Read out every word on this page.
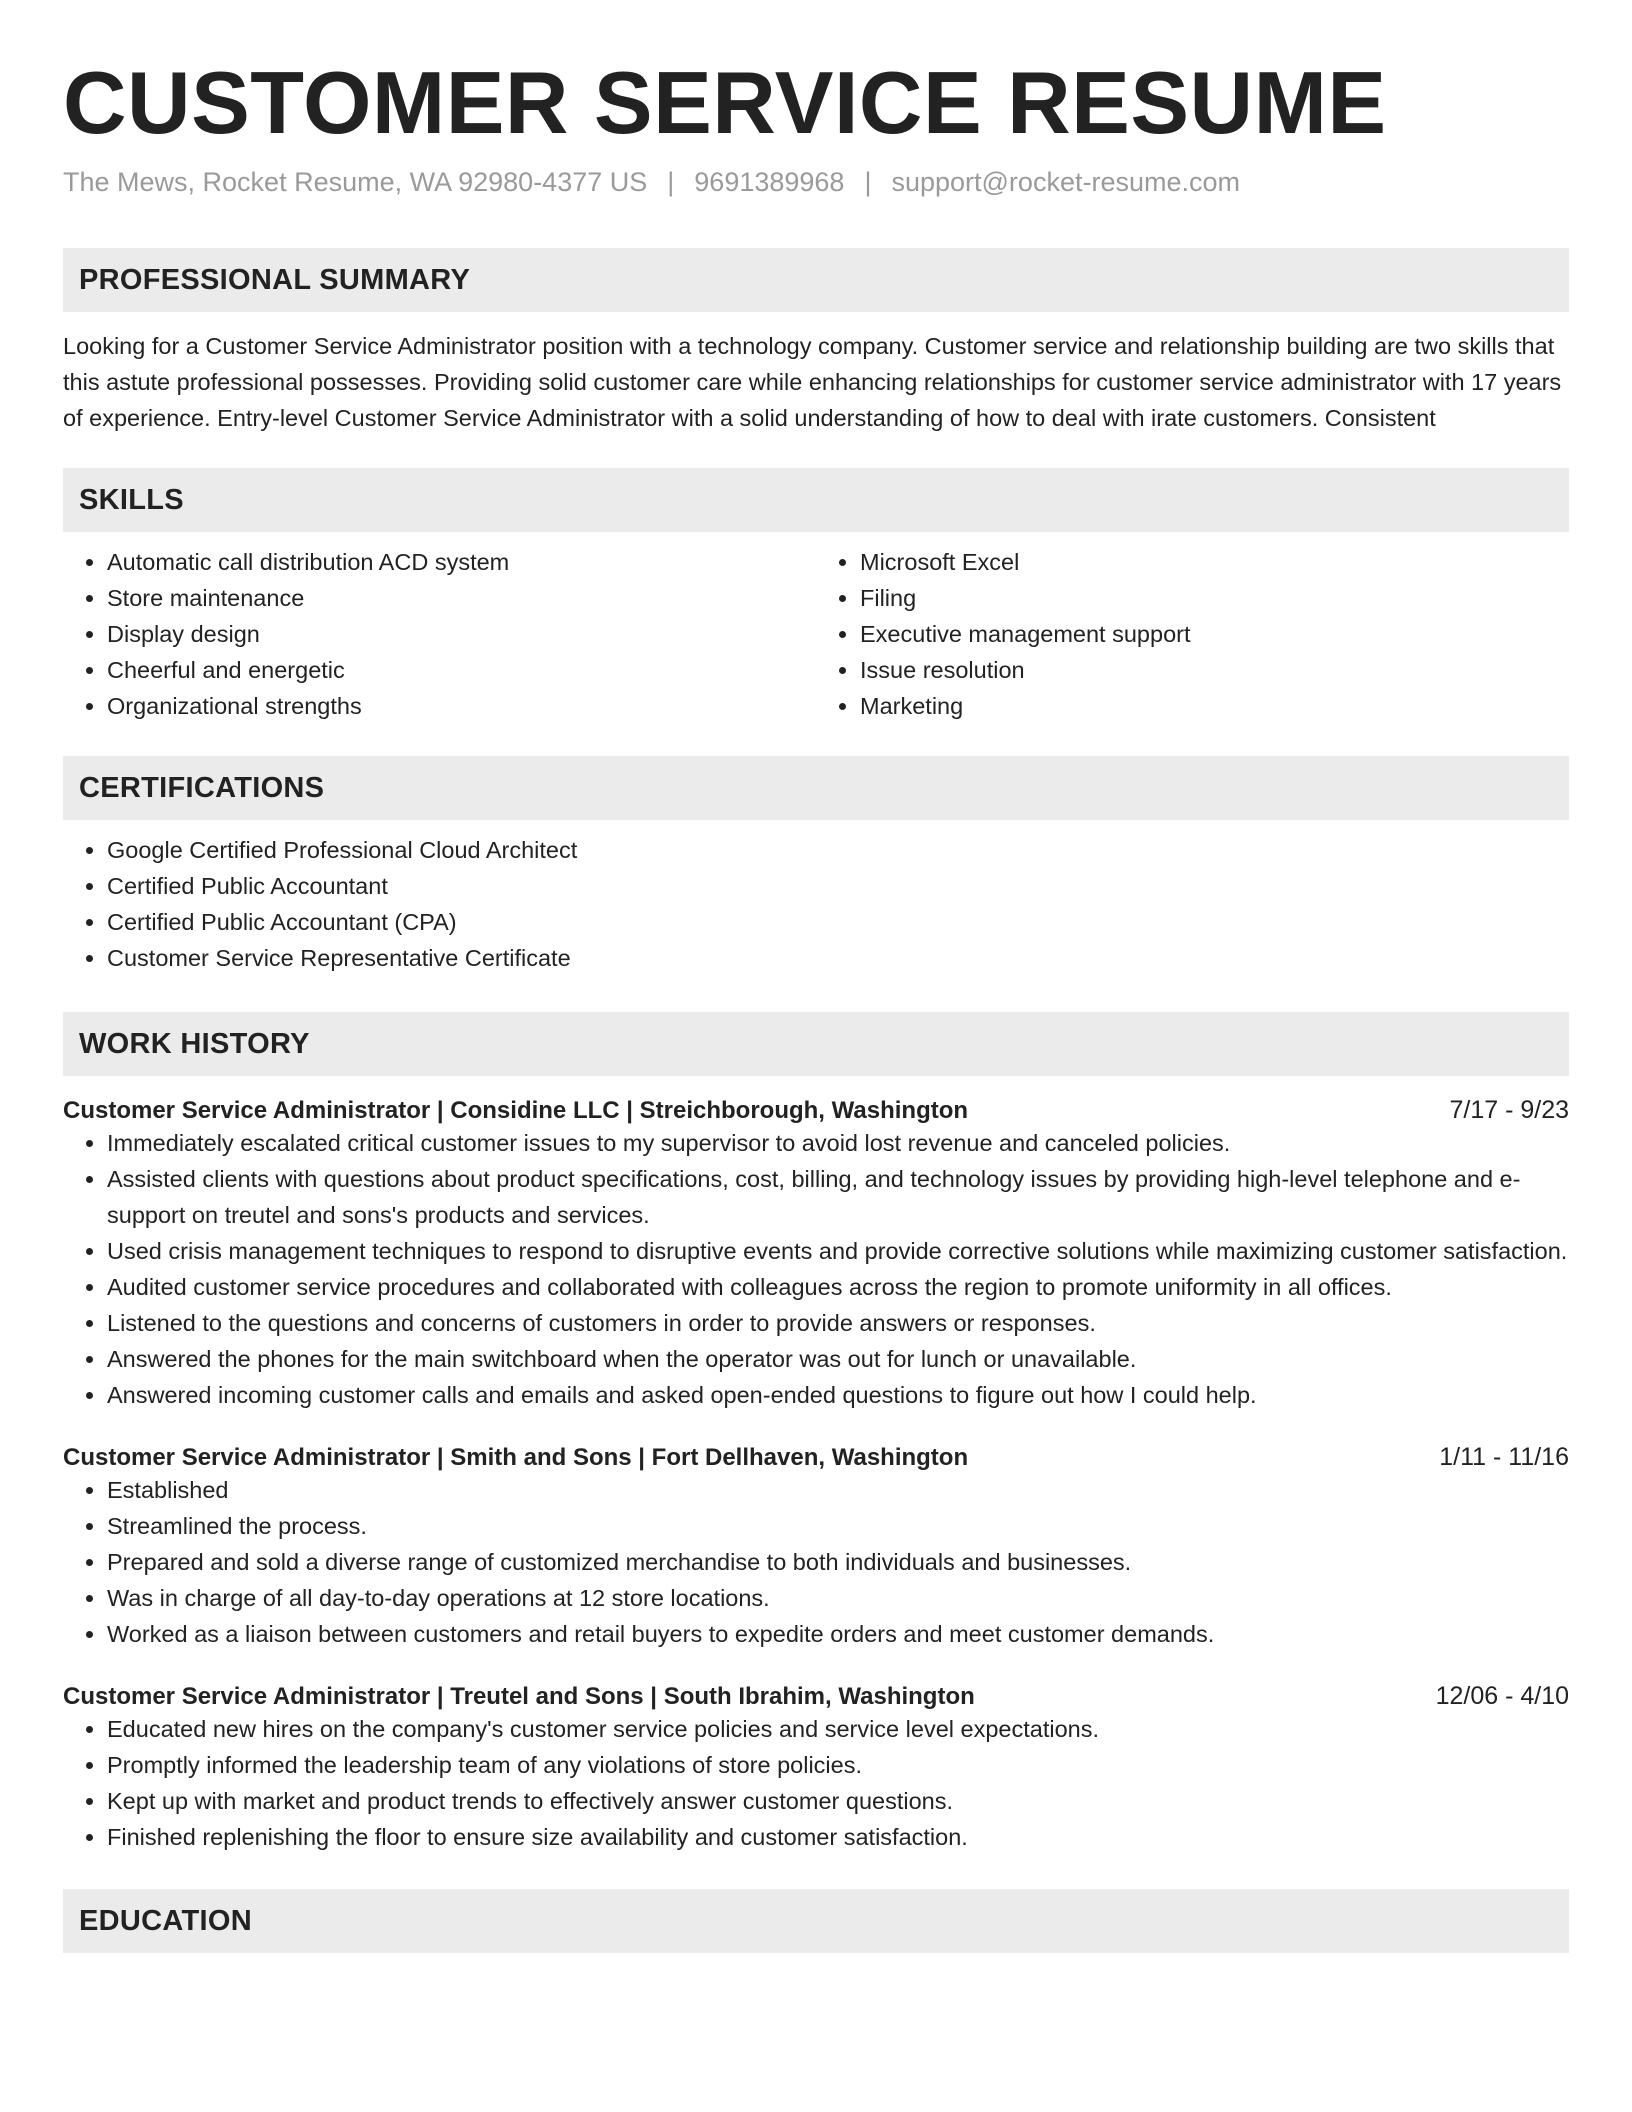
CUSTOMER SERVICE RESUME
The Mews, Rocket Resume, WA 92980-4377 US | 9691389968 | support@rocket-resume.com
PROFESSIONAL SUMMARY

Looking for a Customer Service Administrator position with a technology company. Customer service and relationship building are two skills that this astute professional possesses. Providing solid customer care while enhancing relationships for customer service administrator with 17 years of experience. Entry-level Customer Service Administrator with a solid understanding of how to deal with irate customers. Consistent

SKILLS
• Automatic call distribution ACD system
• Store maintenance
• Display design
• Cheerful and energetic
• Organizational strengths
• Microsoft Excel
• Filing
• Executive management support
• Issue resolution
• Marketing
CERTIFICATIONS
• Google Certified Professional Cloud Architect
• Certified Public Accountant
• Certified Public Accountant (CPA)
• Customer Service Representative Certificate
WORK HISTORY
Customer Service Administrator | Considine LLC | Streichborough, Washington	7/17 - 9/23
• Immediately escalated critical customer issues to my supervisor to avoid lost revenue and canceled policies.
• Assisted clients with questions about product specifications, cost, billing, and technology issues by providing high-level telephone and e-support on treutel and sons's products and services.
• Used crisis management techniques to respond to disruptive events and provide corrective solutions while maximizing customer satisfaction.
• Audited customer service procedures and collaborated with colleagues across the region to promote uniformity in all offices.
• Listened to the questions and concerns of customers in order to provide answers or responses.
• Answered the phones for the main switchboard when the operator was out for lunch or unavailable.
• Answered incoming customer calls and emails and asked open-ended questions to figure out how I could help.
Customer Service Administrator | Smith and Sons | Fort Dellhaven, Washington	1/11 - 11/16
• Established
• Streamlined the process.
• Prepared and sold a diverse range of customized merchandise to both individuals and businesses.
• Was in charge of all day-to-day operations at 12 store locations.
• Worked as a liaison between customers and retail buyers to expedite orders and meet customer demands.
Customer Service Administrator | Treutel and Sons | South Ibrahim, Washington	12/06 - 4/10
• Educated new hires on the company's customer service policies and service level expectations.
• Promptly informed the leadership team of any violations of store policies.
• Kept up with market and product trends to effectively answer customer questions.
• Finished replenishing the floor to ensure size availability and customer satisfaction.
EDUCATION
